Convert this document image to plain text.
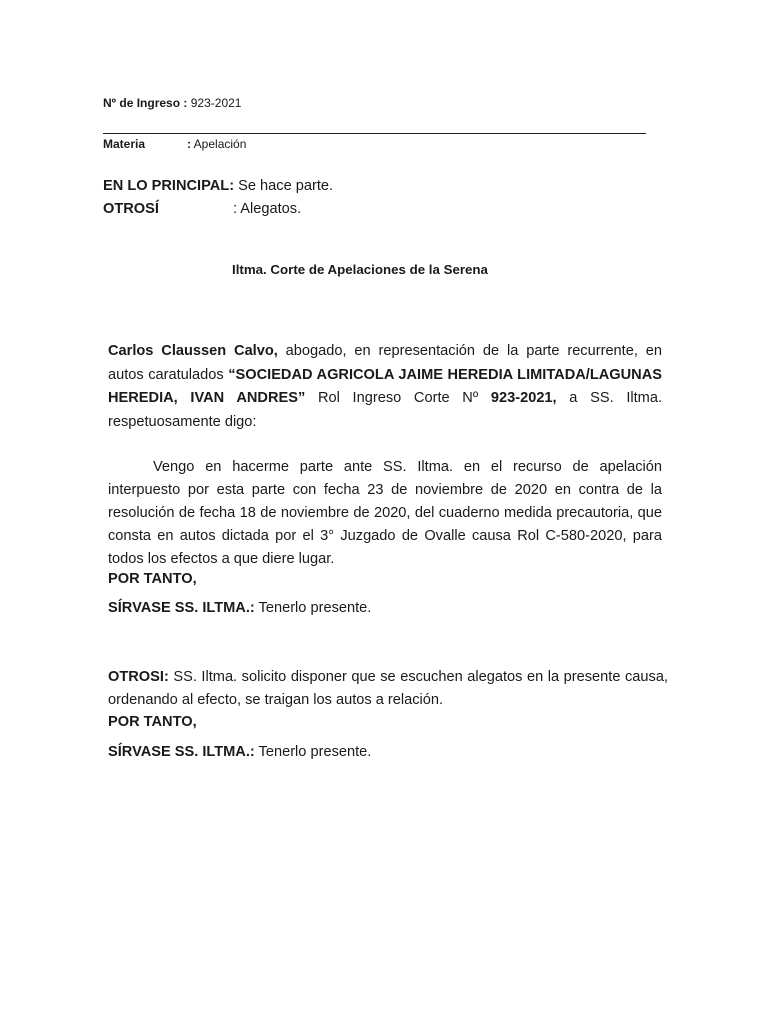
Nº de Ingreso : 923-2021
Materia	: Apelación
EN LO PRINCIPAL: Se hace parte.
OTROSÍ	: Alegatos.
Iltma. Corte de Apelaciones de la Serena
Carlos Claussen Calvo, abogado, en representación de la parte recurrente, en autos caratulados “SOCIEDAD AGRICOLA JAIME HEREDIA LIMITADA/LAGUNAS HEREDIA, IVAN ANDRES” Rol Ingreso Corte Nº 923-2021, a SS. Iltma. respetuosamente digo:
Vengo en hacerme parte ante SS. Iltma. en el recurso de apelación interpuesto por esta parte con fecha 23 de noviembre de 2020 en contra de la resolución de fecha 18 de noviembre de 2020, del cuaderno medida precautoria, que consta en autos dictada por el 3° Juzgado de Ovalle causa Rol C-580-2020, para todos los efectos a que diere lugar.
POR TANTO,
SÍRVASE SS. ILTMA.: Tenerlo presente.
OTROSI: SS. Iltma. solicito disponer que se escuchen alegatos en la presente causa, ordenando al efecto, se traigan los autos a relación.
POR TANTO,
SÍRVASE SS. ILTMA.: Tenerlo presente.
